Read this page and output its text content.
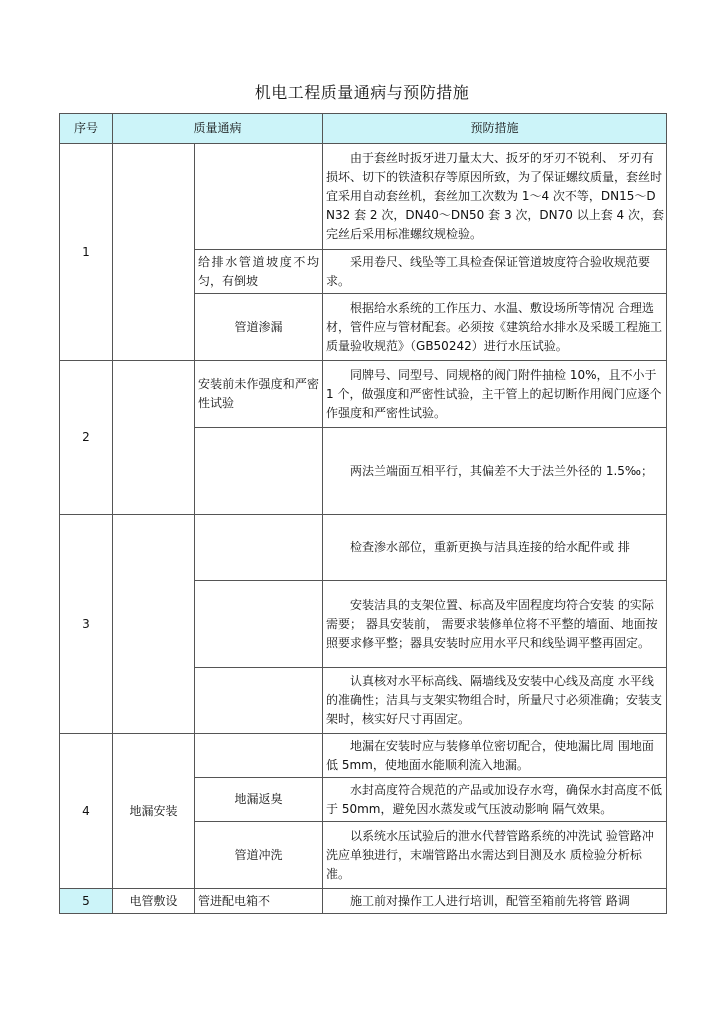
机电工程质量通病与预防措施
序号	质量通病		预防措施
1			由于套丝时扳牙进刀量太大、扳牙的牙刃不锐利、 牙刃有损坏、切下的铁渣积存等原因所致，为了保证螺纹质量，套丝时宜采用自动套丝机，套丝加工次数为 1～4 次不等，DN15～DN32 套 2 次，DN40～DN50 套 3 次，DN70 以上套 4 次，套完丝后采用标准螺纹规检验。
		给排水管道坡度不均匀，有倒坡	采用卷尺、线坠等工具检查保证管道坡度符合验收规范要求。
		管道渗漏	根据给水系统的工作压力、水温、敷设场所等情况 合理选材，管件应与管材配套。必须按《建筑给水排水及采暖工程施工质量验收规范》（GB50242）进行水压试验。
2		安装前未作强度和严密性试验	同牌号、同型号、同规格的阀门附件抽检 10%，且不小于 1 个，做强度和严密性试验，主干管上的起切断作用阀门应逐个作强度和严密性试验。
			两法兰端面互相平行，其偏差不大于法兰外径的 1.5‰；
3			检查渗水部位，重新更换与洁具连接的给水配件或 排
			安装洁具的支架位置、标高及牢固程度均符合安装 的实际需要； 器具安装前， 需要求装修单位将不平整的墙面、地面按照要求修平整；器具安装时应用水平尺和线坠调平整再固定。
			认真核对水平标高线、隔墙线及安装中心线及高度 水平线的准确性；洁具与支架实物组合时，所量尺寸必须准确；安装支架时，核实好尺寸再固定。
4	地漏安装		地漏在安装时应与装修单位密切配合，使地漏比周 围地面低 5mm，使地面水能顺利流入地漏。
		地漏返臭	水封高度符合规范的产品或加设存水弯，确保水封高度不低于 50mm，避免因水蒸发或气压波动影响 隔气效果。
		管道冲洗	以系统水压试验后的泄水代替管路系统的冲洗试 验管路冲洗应单独进行，末端管路出水需达到目测及水 质检验分析标准。
5	电管敷设	管进配电箱不	施工前对操作工人进行培训，配管至箱前先将管 路调
